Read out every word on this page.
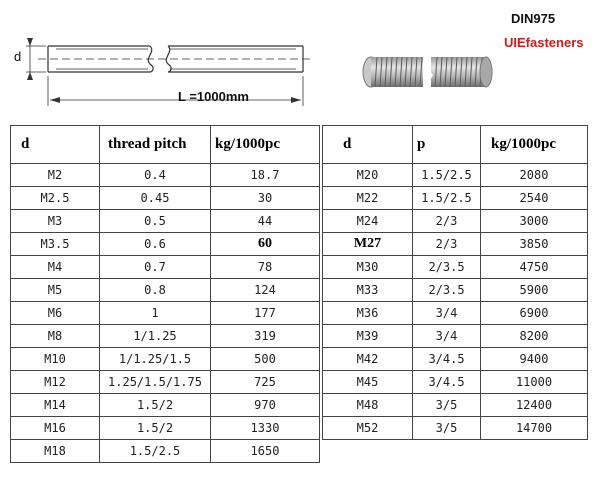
d
L =1000mm
DIN975
UIEfasteners
d	thread pitch	kg/1000pc
M2	0.4	18.7
M2.5	0.45	30
M3	0.5	44
M3.5	0.6	60
M4	0.7	78
M5	0.8	124
M6	1	177
M8	1/1.25	319
M10	1/1.25/1.5	500
M12	1.25/1.5/1.75	725
M14	1.5/2	970
M16	1.5/2	1330
M18	1.5/2.5	1650
d	p	kg/1000pc
M20	1.5/2.5	2080
M22	1.5/2.5	2540
M24	2/3	3000
M27	2/3	3850
M30	2/3.5	4750
M33	2/3.5	5900
M36	3/4	6900
M39	3/4	8200
M42	3/4.5	9400
M45	3/4.5	11000
M48	3/5	12400
M52	3/5	14700
